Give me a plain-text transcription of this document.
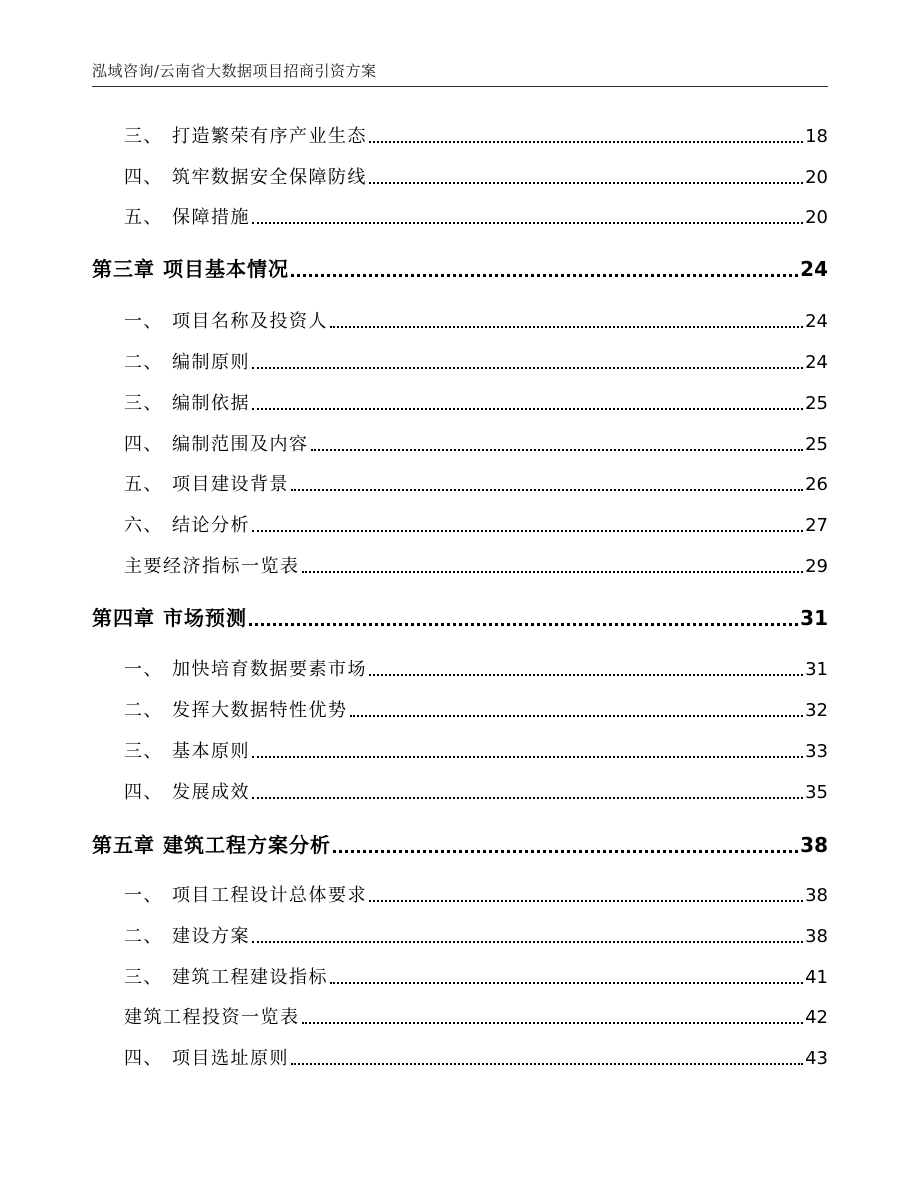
泓域咨询/云南省大数据项目招商引资方案
三、 打造繁荣有序产业生态	18
四、 筑牢数据安全保障防线	20
五、 保障措施	20
第三章 项目基本情况	24
一、 项目名称及投资人	24
二、 编制原则	24
三、 编制依据	25
四、 编制范围及内容	25
五、 项目建设背景	26
六、 结论分析	27
主要经济指标一览表	29
第四章 市场预测	31
一、 加快培育数据要素市场	31
二、 发挥大数据特性优势	32
三、 基本原则	33
四、 发展成效	35
第五章 建筑工程方案分析	38
一、 项目工程设计总体要求	38
二、 建设方案	38
三、 建筑工程建设指标	41
建筑工程投资一览表	42
四、 项目选址原则	43
